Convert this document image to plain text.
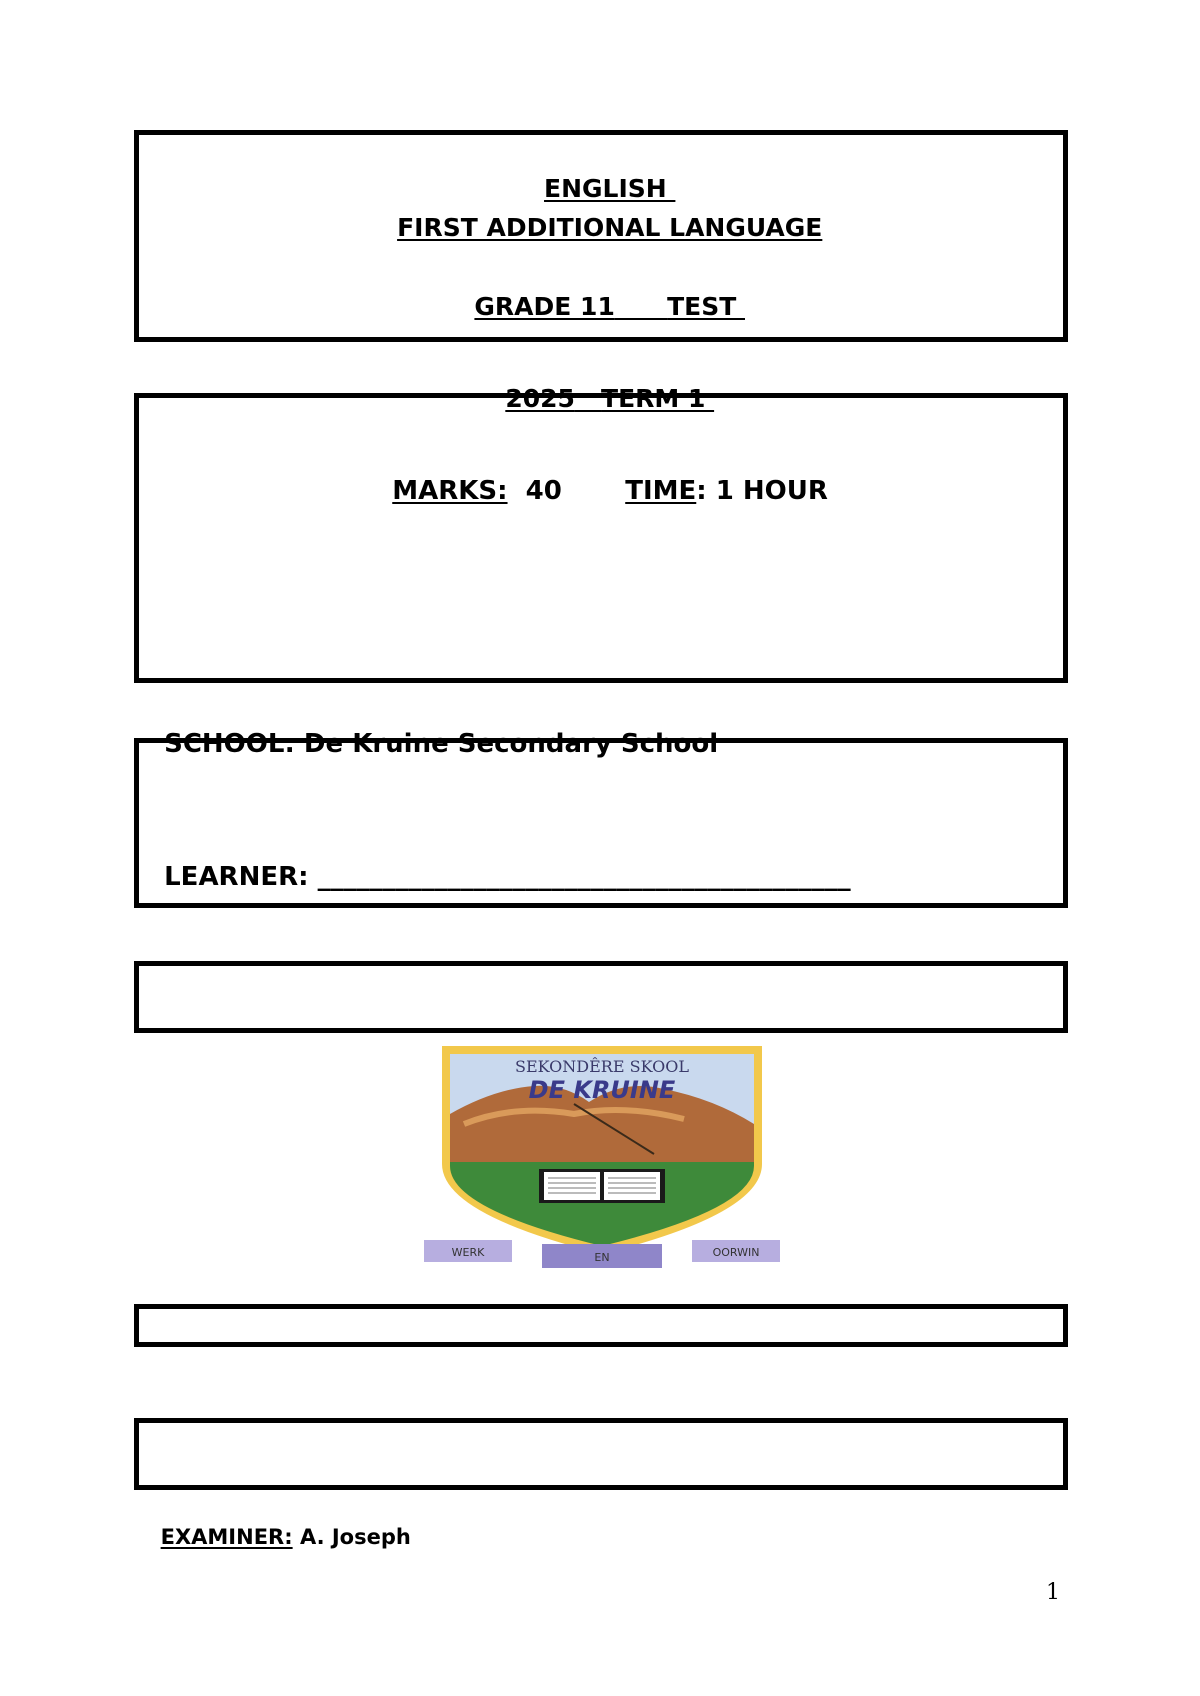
ENGLISH

FIRST ADDITIONAL LANGUAGE

GRADE 11 TEST

2025 TERM 1

MARKS: 40 TIME: 1 HOUR

SCHOOL: De Kruine Secondary School

LEARNER: _________________________________________

SEKONDÊRE SKOOL
DE KRUINE
WERK	EN	OORWIN

EXAMINER: A. Joseph

1
